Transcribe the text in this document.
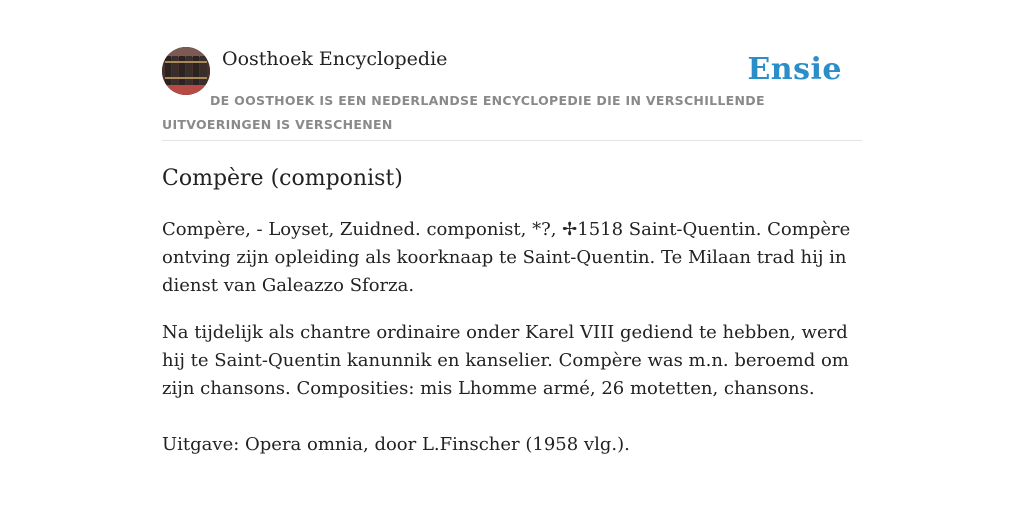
Oosthoek Encyclopedie	Ensie
DE OOSTHOEK IS EEN NEDERLANDSE ENCYCLOPEDIE DIE IN VERSCHILLENDE UITVOERINGEN IS VERSCHENEN
Compère (componist)

Compère, - Loyset, Zuidned. componist, *?, ✢1518 Saint-Quentin. Compère ontving zijn opleiding als koorknaap te Saint-Quentin. Te Milaan trad hij in dienst van Galeazzo Sforza.

Na tijdelijk als chantre ordinaire onder Karel VIII gediend te hebben, werd hij te Saint-Quentin kanunnik en kanselier. Compère was m.n. beroemd om zijn chansons. Composities: mis Lhomme armé, 26 motetten, chansons.

Uitgave: Opera omnia, door L.Finscher (1958 vlg.).
